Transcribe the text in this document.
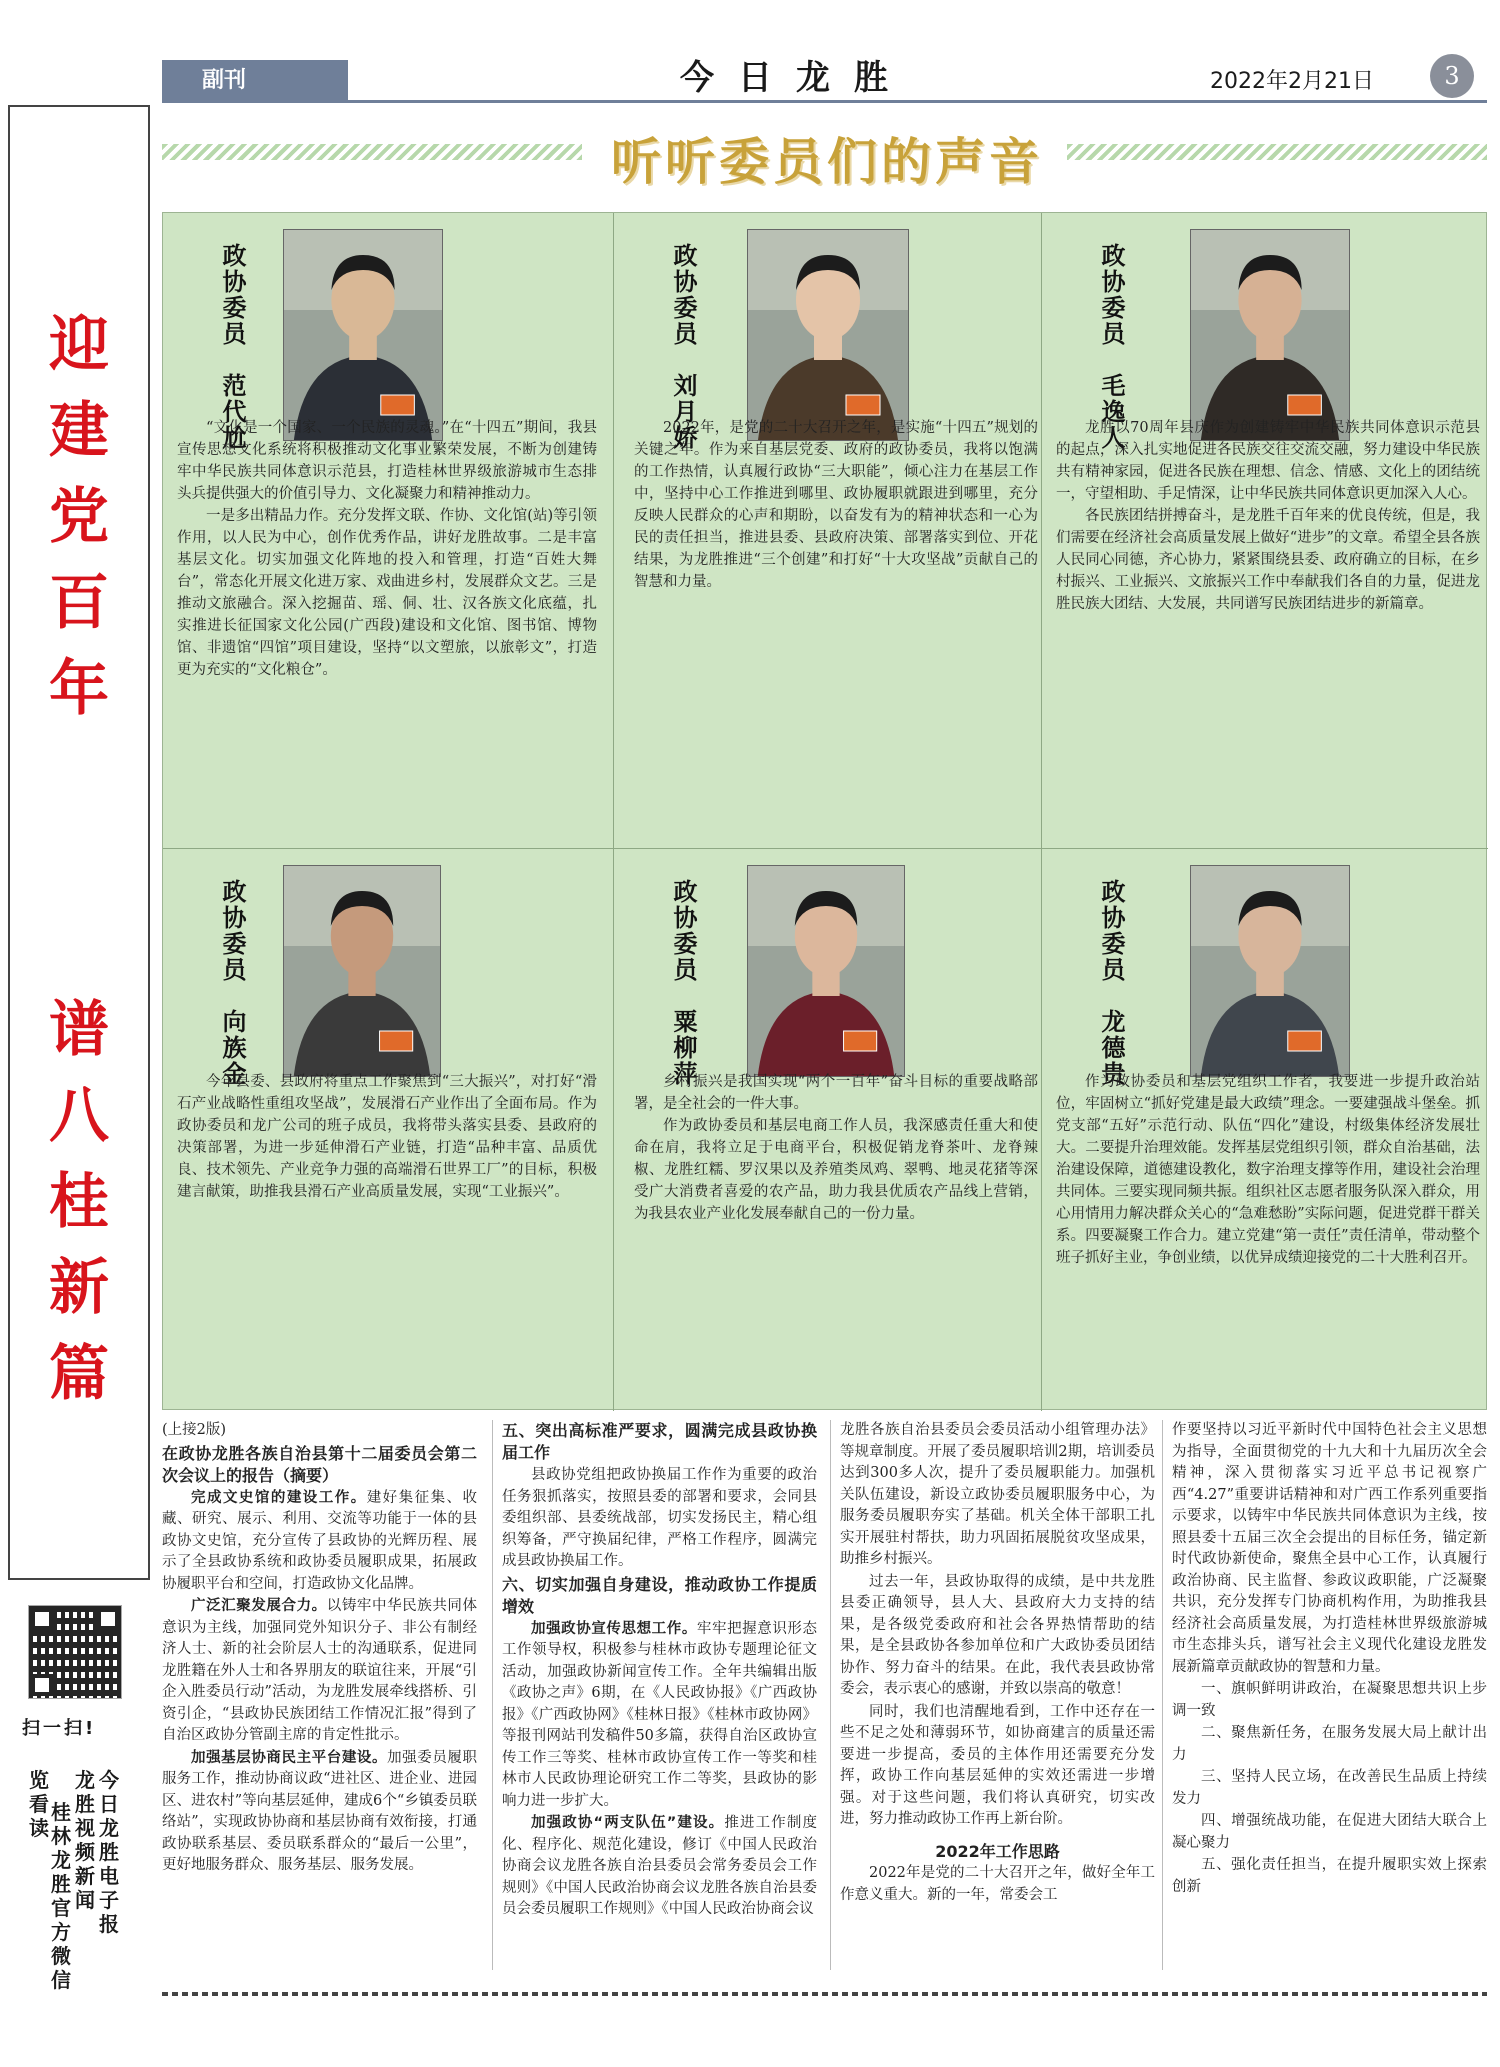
副刊	今日龙胜	2022年2月21日	3
听听委员们的声音
迎
建
党
百
年
谱
八
桂
新
篇
扫一扫!
览看读
今日龙胜电子报
龙胜视频新闻
桂林龙胜官方微信
政协委员　范代尬

“文化是一个国家、一个民族的灵魂。”在“十四五”期间，我县宣传思想文化系统将积极推动文化事业繁荣发展，不断为创建铸牢中华民族共同体意识示范县，打造桂林世界级旅游城市生态排头兵提供强大的价值引导力、文化凝聚力和精神推动力。

一是多出精品力作。充分发挥文联、作协、文化馆(站)等引领作用，以人民为中心，创作优秀作品，讲好龙胜故事。二是丰富基层文化。切实加强文化阵地的投入和管理，打造“百姓大舞台”，常态化开展文化进万家、戏曲进乡村，发展群众文艺。三是推动文旅融合。深入挖掘苗、瑶、侗、壮、汉各族文化底蕴，扎实推进长征国家文化公园(广西段)建设和文化馆、图书馆、博物馆、非遗馆“四馆”项目建设，坚持“以文塑旅，以旅彰文”，打造更为充实的“文化粮仓”。

政协委员　刘月娇

2022年，是党的二十大召开之年，是实施“十四五”规划的关键之年。作为来自基层党委、政府的政协委员，我将以饱满的工作热情，认真履行政协“三大职能”，倾心注力在基层工作中，坚持中心工作推进到哪里、政协履职就跟进到哪里，充分反映人民群众的心声和期盼，以奋发有为的精神状态和一心为民的责任担当，推进县委、县政府决策、部署落实到位、开花结果，为龙胜推进“三个创建”和打好“十大攻坚战”贡献自己的智慧和力量。

政协委员　毛逸人

龙胜以70周年县庆作为创建铸牢中华民族共同体意识示范县的起点，深入扎实地促进各民族交往交流交融，努力建设中华民族共有精神家园，促进各民族在理想、信念、情感、文化上的团结统一，守望相助、手足情深，让中华民族共同体意识更加深入人心。

各民族团结拼搏奋斗，是龙胜千百年来的优良传统，但是，我们需要在经济社会高质量发展上做好“进步”的文章。希望全县各族人民同心同德，齐心协力，紧紧围绕县委、政府确立的目标，在乡村振兴、工业振兴、文旅振兴工作中奉献我们各自的力量，促进龙胜民族大团结、大发展，共同谱写民族团结进步的新篇章。

政协委员　向族金

今年县委、县政府将重点工作聚焦到“三大振兴”，对打好“滑石产业战略性重组攻坚战”，发展滑石产业作出了全面布局。作为政协委员和龙广公司的班子成员，我将带头落实县委、县政府的决策部署，为进一步延伸滑石产业链，打造“品种丰富、品质优良、技术领先、产业竞争力强的高端滑石世界工厂”的目标，积极建言献策，助推我县滑石产业高质量发展，实现“工业振兴”。

政协委员　粟柳萍

乡村振兴是我国实现“两个一百年”奋斗目标的重要战略部署，是全社会的一件大事。

作为政协委员和基层电商工作人员，我深感责任重大和使命在肩，我将立足于电商平台，积极促销龙脊茶叶、龙脊辣椒、龙胜红糯、罗汉果以及养殖类凤鸡、翠鸭、地灵花猪等深受广大消费者喜爱的农产品，助力我县优质农产品线上营销，为我县农业产业化发展奉献自己的一份力量。

政协委员　龙德贵

作为政协委员和基层党组织工作者，我要进一步提升政治站位，牢固树立“抓好党建是最大政绩”理念。一要建强战斗堡垒。抓党支部“五好”示范行动、队伍“四化”建设，村级集体经济发展壮大。二要提升治理效能。发挥基层党组织引领，群众自治基础，法治建设保障，道德建设教化，数字治理支撑等作用，建设社会治理共同体。三要实现同频共振。组织社区志愿者服务队深入群众，用心用情用力解决群众关心的“急难愁盼”实际问题，促进党群干群关系。四要凝聚工作合力。建立党建“第一责任”责任清单，带动整个班子抓好主业，争创业绩，以优异成绩迎接党的二十大胜利召开。

(上接2版)

在政协龙胜各族自治县第十二届委员会第二次会议上的报告（摘要）

完成文史馆的建设工作。建好集征集、收藏、研究、展示、利用、交流等功能于一体的县政协文史馆，充分宣传了县政协的光辉历程、展示了全县政协系统和政协委员履职成果，拓展政协履职平台和空间，打造政协文化品牌。

广泛汇聚发展合力。以铸牢中华民族共同体意识为主线，加强同党外知识分子、非公有制经济人士、新的社会阶层人士的沟通联系，促进同龙胜籍在外人士和各界朋友的联谊往来，开展“引企入胜委员行动”活动，为龙胜发展牵线搭桥、引资引企，“县政协民族团结工作情况汇报”得到了自治区政协分管副主席的肯定性批示。

加强基层协商民主平台建设。加强委员履职服务工作，推动协商议政“进社区、进企业、进园区、进农村”等向基层延伸，建成6个“乡镇委员联络站”，实现政协协商和基层协商有效衔接，打通政协联系基层、委员联系群众的“最后一公里”，更好地服务群众、服务基层、服务发展。

五、突出高标准严要求，圆满完成县政协换届工作

县政协党组把政协换届工作作为重要的政治任务狠抓落实，按照县委的部署和要求，会同县委组织部、县委统战部，切实发扬民主，精心组织筹备，严守换届纪律，严格工作程序，圆满完成县政协换届工作。

六、切实加强自身建设，推动政协工作提质增效

加强政协宣传思想工作。牢牢把握意识形态工作领导权，积极参与桂林市政协专题理论征文活动，加强政协新闻宣传工作。全年共编辑出版《政协之声》6期，在《人民政协报》《广西政协报》《广西政协网》《桂林日报》《桂林市政协网》等报刊网站刊发稿件50多篇，获得自治区政协宣传工作三等奖、桂林市政协宣传工作一等奖和桂林市人民政协理论研究工作二等奖，县政协的影响力进一步扩大。

加强政协“两支队伍”建设。推进工作制度化、程序化、规范化建设，修订《中国人民政治协商会议龙胜各族自治县委员会常务委员会工作规则》《中国人民政治协商会议龙胜各族自治县委员会委员履职工作规则》《中国人民政治协商会议

龙胜各族自治县委员会委员活动小组管理办法》等规章制度。开展了委员履职培训2期，培训委员达到300多人次，提升了委员履职能力。加强机关队伍建设，新设立政协委员履职服务中心，为服务委员履职夯实了基础。机关全体干部职工扎实开展驻村帮扶，助力巩固拓展脱贫攻坚成果，助推乡村振兴。

过去一年，县政协取得的成绩，是中共龙胜县委正确领导，县人大、县政府大力支持的结果，是各级党委政府和社会各界热情帮助的结果，是全县政协各参加单位和广大政协委员团结协作、努力奋斗的结果。在此，我代表县政协常委会，表示衷心的感谢，并致以崇高的敬意！

同时，我们也清醒地看到，工作中还存在一些不足之处和薄弱环节，如协商建言的质量还需要进一步提高，委员的主体作用还需要充分发挥，政协工作向基层延伸的实效还需进一步增强。对于这些问题，我们将认真研究，切实改进，努力推动政协工作再上新台阶。

2022年工作思路

2022年是党的二十大召开之年，做好全年工作意义重大。新的一年，常委会工

作要坚持以习近平新时代中国特色社会主义思想为指导，全面贯彻党的十九大和十九届历次全会精神，深入贯彻落实习近平总书记视察广西“4.27”重要讲话精神和对广西工作系列重要指示要求，以铸牢中华民族共同体意识为主线，按照县委十五届三次全会提出的目标任务，锚定新时代政协新使命，聚焦全县中心工作，认真履行政治协商、民主监督、参政议政职能，广泛凝聚共识，充分发挥专门协商机构作用，为助推我县经济社会高质量发展，为打造桂林世界级旅游城市生态排头兵，谱写社会主义现代化建设龙胜发展新篇章贡献政协的智慧和力量。

一、旗帜鲜明讲政治，在凝聚思想共识上步调一致

二、聚焦新任务，在服务发展大局上献计出力

三、坚持人民立场，在改善民生品质上持续发力

四、增强统战功能，在促进大团结大联合上凝心聚力

五、强化责任担当，在提升履职实效上探索创新
